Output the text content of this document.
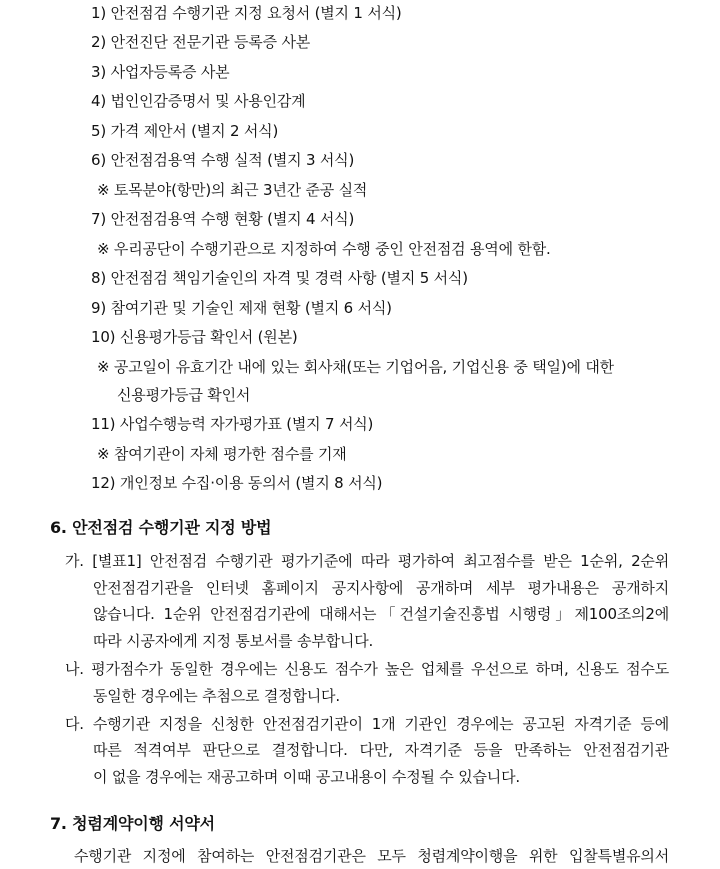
1) 안전점검 수행기관 지정 요청서 (별지 1 서식)
2) 안전진단 전문기관 등록증 사본
3) 사업자등록증 사본
4) 법인인감증명서 및 사용인감계
5) 가격 제안서 (별지 2 서식)
6) 안전점검용역 수행 실적 (별지 3 서식)
※ 토목분야(항만)의 최근 3년간 준공 실적
7) 안전점검용역 수행 현황 (별지 4 서식)
※ 우리공단이 수행기관으로 지정하여 수행 중인 안전점검 용역에 한함.
8) 안전점검 책임기술인의 자격 및 경력 사항 (별지 5 서식)
9) 참여기관 및 기술인 제재 현황 (별지 6 서식)
10) 신용평가등급 확인서 (원본)
※ 공고일이 유효기간 내에 있는 회사채(또는 기업어음, 기업신용 중 택일)에 대한
신용평가등급 확인서
11) 사업수행능력 자가평가표 (별지 7 서식)
※ 참여기관이 자체 평가한 점수를 기재
12) 개인정보 수집·이용 동의서 (별지 8 서식)
6. 안전점검 수행기관 지정 방법
가. [별표1] 안전점검 수행기관 평가기준에 따라 평가하여 최고점수를 받은 1순위, 2순위
안전점검기관을 인터넷 홈페이지 공지사항에 공개하며 세부 평가내용은 공개하지
않습니다. 1순위 안전점검기관에 대해서는「건설기술진흥법 시행령」제100조의2에
따라 시공자에게 지정 통보서를 송부합니다.
나. 평가점수가 동일한 경우에는 신용도 점수가 높은 업체를 우선으로 하며, 신용도 점수도
동일한 경우에는 추첨으로 결정합니다.
다. 수행기관 지정을 신청한 안전점검기관이 1개 기관인 경우에는 공고된 자격기준 등에
따른 적격여부 판단으로 결정합니다. 다만, 자격기준 등을 만족하는 안전점검기관
이 없을 경우에는 재공고하며 이때 공고내용이 수정될 수 있습니다.
7. 청렴계약이행 서약서
수행기관 지정에 참여하는 안전점검기관은 모두 청렴계약이행을 위한 입찰특별유의서
